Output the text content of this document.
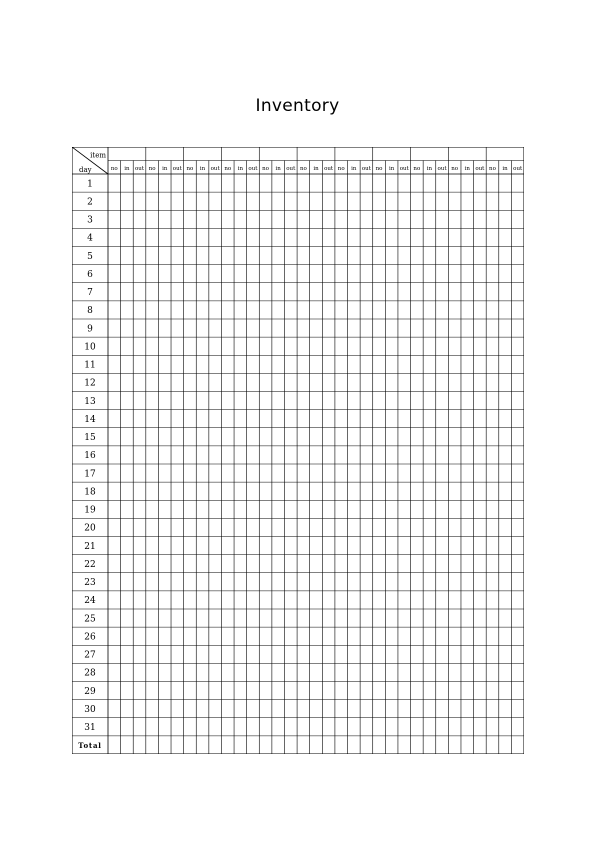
Inventory
item
day	no in out no in out no in out no in out no in out no in out no in out no in out no in out no in out no in out
1
2
3
4
5
6
7
8
9
10
11
12
13
14
15
16
17
18
19
20
21
22
23
24
25
26
27
28
29
30
31
Total
